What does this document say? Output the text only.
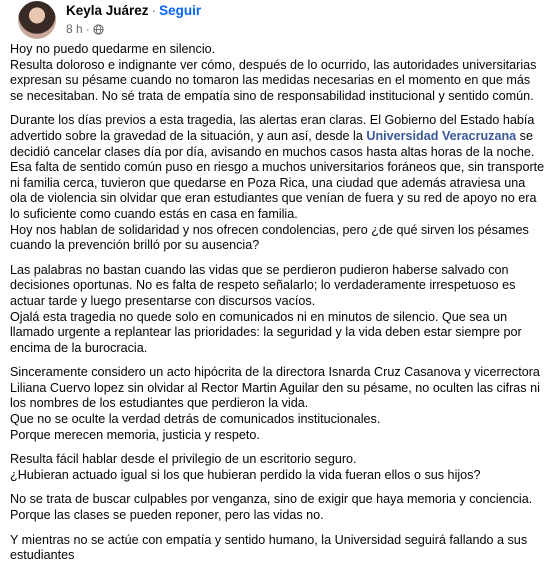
Keyla Juárez · Seguir
8 h ·
Hoy no puedo quedarme en silencio.
Resulta doloroso e indignante ver cómo, después de lo ocurrido, las autoridades universitarias expresan su pésame cuando no tomaron las medidas necesarias en el momento en que más se necesitaban. No sé trata de empatía sino de responsabilidad institucional y sentido común.
Durante los días previos a esta tragedia, las alertas eran claras. El Gobierno del Estado había advertido sobre la gravedad de la situación, y aun así, desde la Universidad Veracruzana se decidió cancelar clases día por día, avisando en muchos casos hasta altas horas de la noche. Esa falta de sentido común puso en riesgo a muchos universitarios foráneos que, sin transporte ni familia cerca, tuvieron que quedarse en Poza Rica, una ciudad que además atraviesa una ola de violencia sin olvidar que eran estudiantes que venían de fuera y su red de apoyo no era lo suficiente como cuando estás en casa en familia.
Hoy nos hablan de solidaridad y nos ofrecen condolencias, pero ¿de qué sirven los pésames cuando la prevención brilló por su ausencia?
Las palabras no bastan cuando las vidas que se perdieron pudieron haberse salvado con decisiones oportunas. No es falta de respeto señalarlo; lo verdaderamente irrespetuoso es actuar tarde y luego presentarse con discursos vacíos.
Ojalá esta tragedia no quede solo en comunicados ni en minutos de silencio. Que sea un llamado urgente a replantear las prioridades: la seguridad y la vida deben estar siempre por encima de la burocracia.
Sinceramente considero un acto hipócrita de la directora Isnarda Cruz Casanova y vicerrectora Liliana Cuervo lopez sin olvidar al Rector Martin Aguilar den su pésame, no oculten las cifras ni los nombres de los estudiantes que perdieron la vida.
Que no se oculte la verdad detrás de comunicados institucionales.
Porque merecen memoria, justicia y respeto.
Resulta fácil hablar desde el privilegio de un escritorio seguro.
¿Hubieran actuado igual si los que hubieran perdido la vida fueran ellos o sus hijos?
No se trata de buscar culpables por venganza, sino de exigir que haya memoria y conciencia.
Porque las clases se pueden reponer, pero las vidas no.
Y mientras no se actúe con empatía y sentido humano, la Universidad seguirá fallando a sus estudiantes
